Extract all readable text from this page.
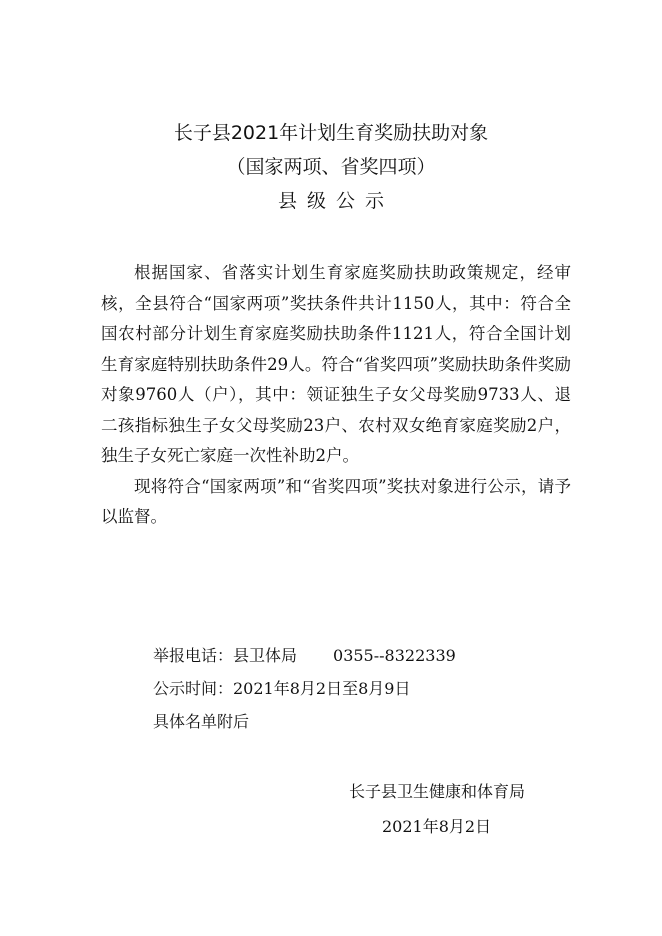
长子县2021年计划生育奖励扶助对象
（国家两项、省奖四项）
县级公示

根据国家、省落实计划生育家庭奖励扶助政策规定，经审核，全县符合“国家两项”奖扶条件共计1150人，其中：符合全国农村部分计划生育家庭奖励扶助条件1121人，符合全国计划生育家庭特别扶助条件29人。符合“省奖四项”奖励扶助条件奖励对象9760人（户），其中：领证独生子女父母奖励9733人、退二孩指标独生子女父母奖励23户、农村双女绝育家庭奖励2户，独生子女死亡家庭一次性补助2户。

现将符合“国家两项”和“省奖四项”奖扶对象进行公示，请予以监督。

举报电话：县卫体局 0355--8322339
公示时间：2021年8月2日至8月9日
具体名单附后
长子县卫生健康和体育局
2021年8月2日
